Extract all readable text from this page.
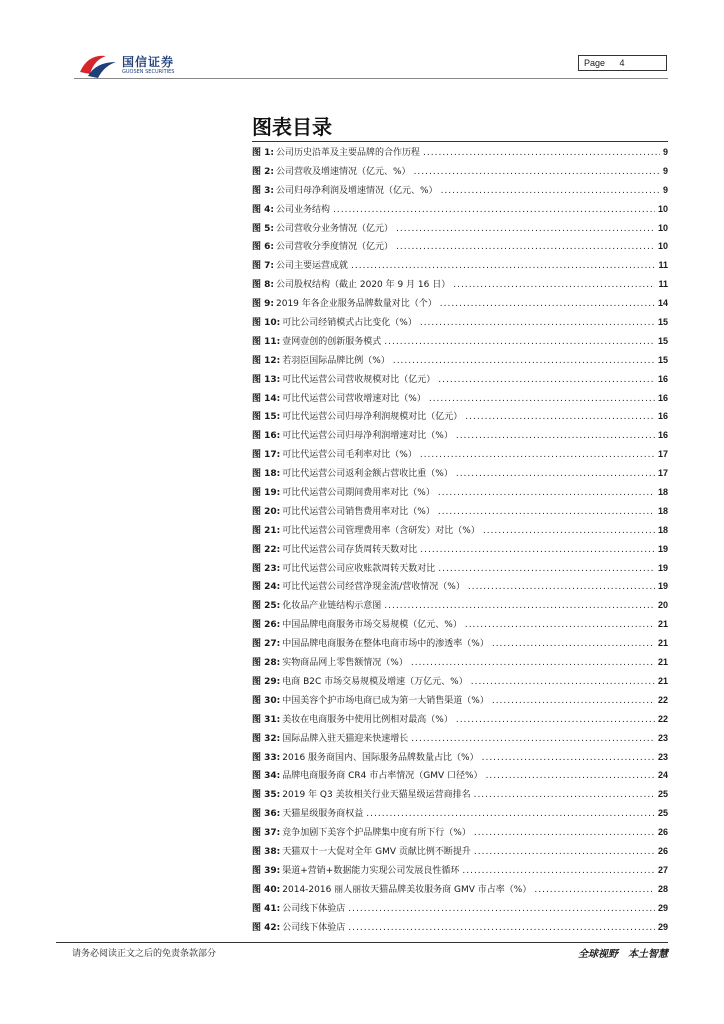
国信证券
GUOSEN SECURITIES
Page 4
图表目录
图 1: 公司历史沿革及主要品牌的合作历程 .....	9
图 2: 公司营收及增速情况（亿元、%） .....	9
图 3: 公司归母净利润及增速情况（亿元、%） .....	9
图 4: 公司业务结构 .....	10
图 5: 公司营收分业务情况（亿元） .....	10
图 6: 公司营收分季度情况（亿元） .....	10
图 7: 公司主要运营成就 .....	11
图 8: 公司股权结构（截止 2020 年 9 月 16 日） .....	11
图 9: 2019 年各企业服务品牌数量对比（个） .....	14
图 10: 可比公司经销模式占比变化（%） .....	15
图 11: 壹网壹创的创新服务模式 .....	15
图 12: 若羽臣国际品牌比例（%） .....	15
图 13: 可比代运营公司营收规模对比（亿元） .....	16
图 14: 可比代运营公司营收增速对比（%） .....	16
图 15: 可比代运营公司归母净利润规模对比（亿元） .....	16
图 16: 可比代运营公司归母净利润增速对比（%） .....	16
图 17: 可比代运营公司毛利率对比（%） .....	17
图 18: 可比代运营公司返利金额占营收比重（%） .....	17
图 19: 可比代运营公司期间费用率对比（%） .....	18
图 20: 可比代运营公司销售费用率对比（%） .....	18
图 21: 可比代运营公司管理费用率（含研发）对比（%） .....	18
图 22: 可比代运营公司存货周转天数对比 .....	19
图 23: 可比代运营公司应收账款周转天数对比 .....	19
图 24: 可比代运营公司经营净现金流/营收情况（%） .....	19
图 25: 化妆品产业链结构示意图 .....	20
图 26: 中国品牌电商服务市场交易规模（亿元、%） .....	21
图 27: 中国品牌电商服务在整体电商市场中的渗透率（%） .....	21
图 28: 实物商品网上零售额情况（%） .....	21
图 29: 电商 B2C 市场交易规模及增速（万亿元、%） .....	21
图 30: 中国美容个护市场电商已成为第一大销售渠道（%） .....	22
图 31: 美妆在电商服务中使用比例相对最高（%） .....	22
图 32: 国际品牌入驻天猫迎来快速增长 .....	23
图 33: 2016 服务商国内、国际服务品牌数量占比（%） .....	23
图 34: 品牌电商服务商 CR4 市占率情况（GMV 口径%） .....	24
图 35: 2019 年 Q3 美妆相关行业天猫星级运营商排名 .....	25
图 36: 天猫星级服务商权益 .....	25
图 37: 竞争加剧下美容个护品牌集中度有所下行（%） .....	26
图 38: 天猫双十一大促对全年 GMV 贡献比例不断提升 .....	26
图 39: 渠道+营销+数据能力实现公司发展良性循环 .....	27
图 40: 2014-2016 丽人丽妆天猫品牌美妆服务商 GMV 市占率（%） .....	28
图 41: 公司线下体验店 .....	29
图 42: 公司线下体验店 .....	29
请务必阅读正文之后的免责条款部分	全球视野　本土智慧
